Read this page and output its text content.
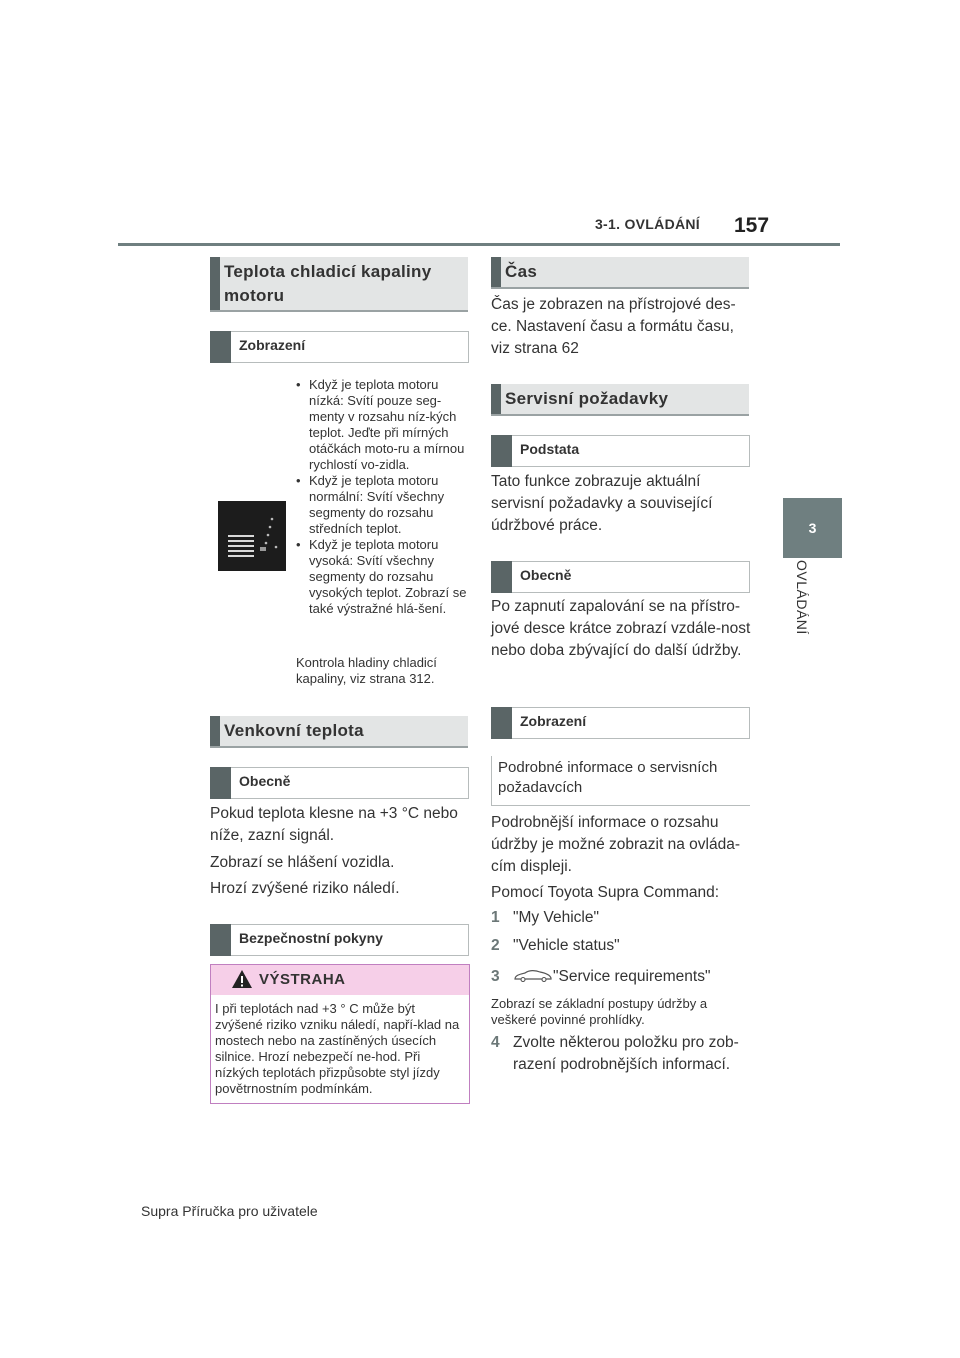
3-1. OVLÁDÁNÍ 157
3
OVLÁDÁNÍ
Teplota chladicí kapaliny motoru
Zobrazení
• Když je teplota motoru nízká: Svítí pouze seg-menty v rozsahu níz-kých teplot. Jeďte při mírných otáčkách moto-ru a mírnou rychlostí vo-zidla.
• Když je teplota motoru normální: Svítí všechny segmenty do rozsahu středních teplot.
• Když je teplota motoru vysoká: Svítí všechny segmenty do rozsahu vysokých teplot. Zobrazí se také výstražné hlá-šení.
Kontrola hladiny chladicí kapaliny, viz strana 312.
Venkovní teplota
Obecně
Pokud teplota klesne na +3 °C nebo níže, zazní signál.
Zobrazí se hlášení vozidla.
Hrozí zvýšené riziko náledí.
Bezpečnostní pokyny
VÝSTRAHA
I při teplotách nad +3 ° C může být zvýšené riziko vzniku náledí, napří-klad na mostech nebo na zastíněných úsecích silnice. Hrozí nebezpečí ne-hod. Při nízkých teplotách přizpůsobte styl jízdy povětrnostním podmínkám.
Čas
Čas je zobrazen na přístrojové des-ce. Nastavení času a formátu času, viz strana 62
Servisní požadavky
Podstata
Tato funkce zobrazuje aktuální servisní požadavky a související údržbové práce.
Obecně
Po zapnutí zapalování se na přístro-jové desce krátce zobrazí vzdále-nost nebo doba zbývající do další údržby.
Zobrazení
Podrobné informace o servisních požadavcích
Podrobnější informace o rozsahu údržby je možné zobrazit na ovláda-cím displeji.
Pomocí Toyota Supra Command:
1 "My Vehicle"
2 "Vehicle status"
3	"Service requirements"
Zobrazí se základní postupy údržby a veškeré povinné prohlídky.
4 Zvolte některou položku pro zob-razení podrobnějších informací.
Supra Příručka pro uživatele
